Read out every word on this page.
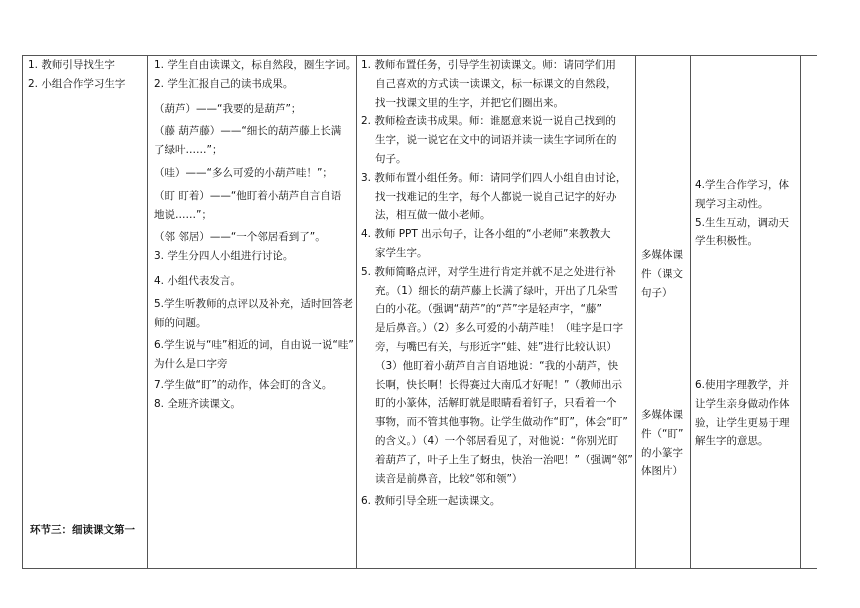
1. 教师引导找生字

2. 小组合作学习生字

环节三：细读课文第一

1. 学生自由读课文，标自然段，圈生字词。

2. 学生汇报自己的读书成果。

（葫芦）——“我要的是葫芦”；

（藤 葫芦藤）——“细长的葫芦藤上长满

了绿叶……”；

（哇）——“多么可爱的小葫芦哇！”；

（盯 盯着）——“他盯着小葫芦自言自语

地说……”；

（邻 邻居）——“一个邻居看到了”。

3. 学生分四人小组进行讨论。

4. 小组代表发言。

5.学生听教师的点评以及补充，适时回答老

师的问题。

6.学生说与“哇”相近的词，自由说一说“哇”

为什么是口字旁

7.学生做“盯”的动作，体会盯的含义。

8. 全班齐读课文。

1. 教师布置任务，引导学生初读课文。师：请同学们用

自己喜欢的方式读一读课文，标一标课文的自然段，

找一找课文里的生字，并把它们圈出来。

2. 教师检查读书成果。师：谁愿意来说一说自己找到的

生字，说一说它在文中的词语并读一读生字词所在的

句子。

3. 教师布置小组任务。师：请同学们四人小组自由讨论，

找一找难记的生字，每个人都说一说自己记字的好办

法，相互做一做小老师。

4. 教师 PPT 出示句子，让各小组的“小老师”来教教大

家学生字。

5. 教师简略点评，对学生进行肯定并就不足之处进行补

充。（1）细长的葫芦藤上长满了绿叶，开出了几朵雪

白的小花。（强调“葫芦”的“芦”字是轻声字，“藤”

是后鼻音。）（2）多么可爱的小葫芦哇！（哇字是口字

旁，与嘴巴有关，与形近字“蛙、娃”进行比较认识）

（3）他盯着小葫芦自言自语地说：“我的小葫芦，快

长啊，快长啊！长得赛过大南瓜才好呢！”（教师出示

盯的小篆体，活解盯就是眼睛看着钉子，只看着一个

事物，而不管其他事物。让学生做动作“盯”，体会“盯”

的含义。）（4）一个邻居看见了，对他说：“你别光盯

着葫芦了，叶子上生了蚜虫，快治一治吧！”（强调“邻”

读音是前鼻音，比较“邻和领”）

6. 教师引导全班一起读课文。

多媒体课

件（课文

句子）

多媒体课

件（“盯”

的小篆字

体图片）

4.学生合作学习，体

现学习主动性。

5.生生互动，调动天

学生积极性。

6.使用字理教学，并

让学生亲身做动作体

验，让学生更易于理

解生字的意思。
